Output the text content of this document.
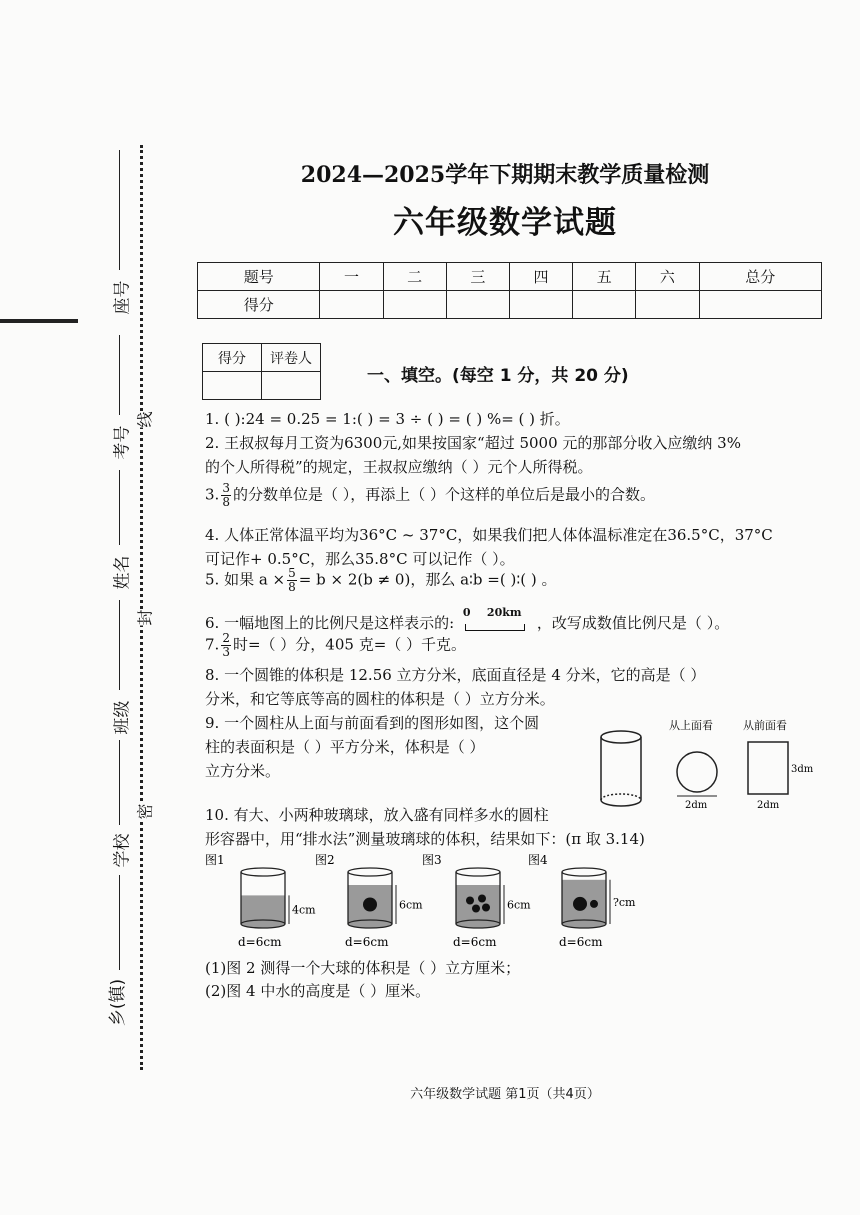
座号
考号
姓名
班级
学校
乡(镇)
线
封
密
2024—2025学年下期期末教学质量检测
六年级数学试题
题号	一	二	三	四	五	六	总分
得分							
得分	评卷人

一、填空。(每空 1 分，共 20 分)
1. ( ):24 = 0.25 = 1:( ) = 3 ÷ ( ) = ( ) %= ( ) 折。
2. 王叔叔每月工资为6300元,如果按国家“超过 5000 元的那部分收入应缴纳 3%
的个人所得税”的规定，王叔叔应缴纳（ ）元个人所得税。
3. $\frac{3}{8}$ 的分数单位是（ ），再添上（ ）个这样的单位后是最小的合数。
4. 人体正常体温平均为36°C ~ 37°C，如果我们把人体体温标准定在36.5°C，37°C
可记作+ 0.5°C，那么35.8°C 可以记作（ ）。
5. 如果 $a \times \frac{5}{8} = b \times 2(b \ne 0)$，那么 a∶b =( )∶( ) 。
6. 一幅地图上的比例尺是这样表示的:
0 20km
，改写成数值比例尺是（ ）。
7. $\frac{2}{3}$ 时=（ ）分，405 克=（ ）千克。
8. 一个圆锥的体积是 12.56 立方分米，底面直径是 4 分米，它的高是（ ）
分米，和它等底等高的圆柱的体积是（ ）立方分米。
9. 一个圆柱从上面与前面看到的图形如图，这个圆
柱的表面积是（ ）平方分米，体积是（ ）
立方分米。
从上面看	从前面看
2dm
3dm
2dm
10. 有大、小两种玻璃球，放入盛有同样多水的圆柱
形容器中，用“排水法”测量玻璃球的体积，结果如下：(π 取 3.14)
图1
4cm
d=6cm
图2
6cm
d=6cm
图3
6cm
d=6cm
图4
?cm
d=6cm
(1)图 2 测得一个大球的体积是（ ）立方厘米；
(2)图 4 中水的高度是（ ）厘米。
六年级数学试题 第1页（共4页）
